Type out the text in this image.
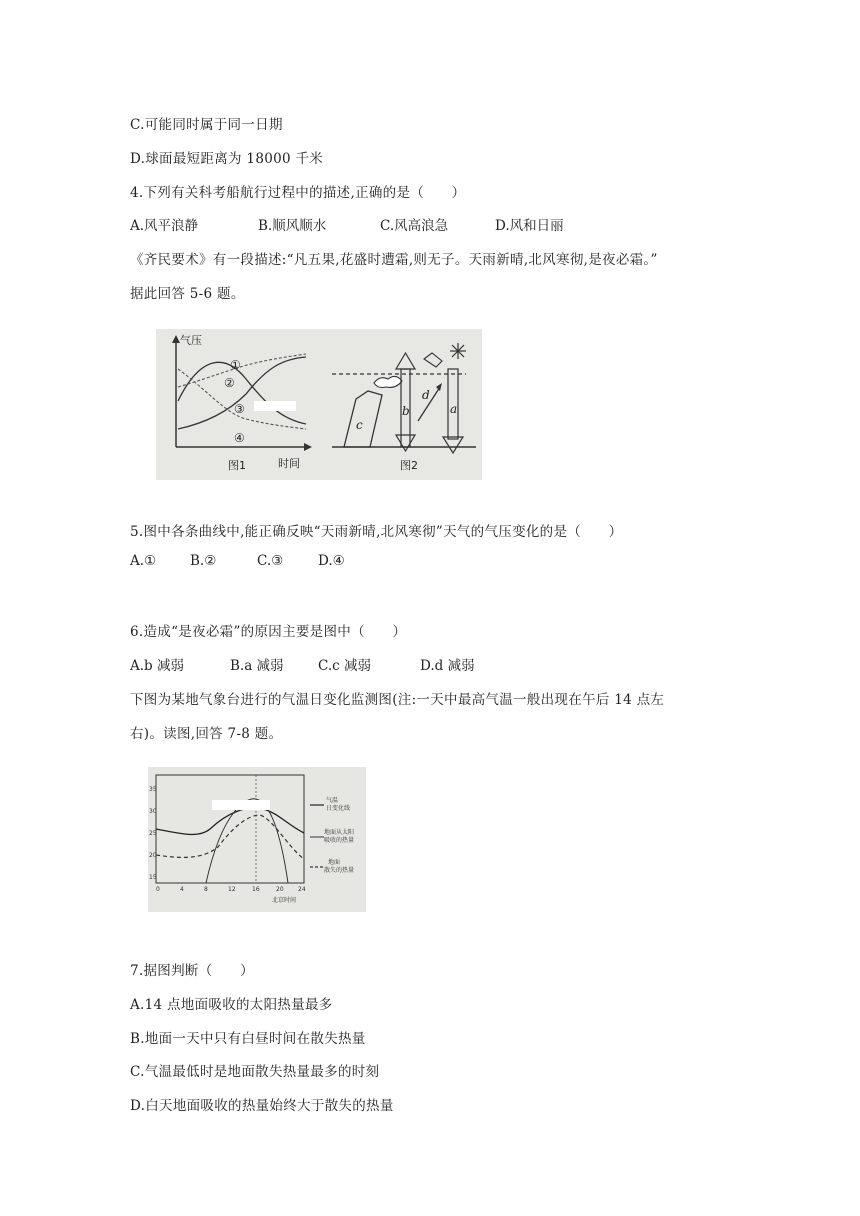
C.可能同时属于同一日期
D.球面最短距离为 18000 千米
4.下列有关科考船航行过程中的描述,正确的是（　　）
A.风平浪静	B.顺风顺水	C.风高浪急	D.风和日丽
《齐民要术》有一段描述:“凡五果,花盛时遭霜,则无子。天雨新晴,北风寒彻,是夜必霜。”
据此回答 5-6 题。
气压
时间
图1
①
②
③
④
c
b
d
a
图2
5.图中各条曲线中,能正确反映“天雨新晴,北风寒彻”天气的气压变化的是（　　）
A.①	B.②	C.③	D.④
6.造成“是夜必霜”的原因主要是图中（　　）
A.b 减弱	B.a 减弱	C.c 减弱	D.d 减弱
下图为某地气象台进行的气温日变化监测图(注:一天中最高气温一般出现在午后 14 点左
右)。读图,回答 7-8 题。
35
30
25
20
15
0	4	8	12	16	20 24
北京时间
气温
日变化线
地面从太阳
吸收的热量
地面
散失的热量
7.据图判断（　　）
A.14 点地面吸收的太阳热量最多
B.地面一天中只有白昼时间在散失热量
C.气温最低时是地面散失热量最多的时刻
D.白天地面吸收的热量始终大于散失的热量
